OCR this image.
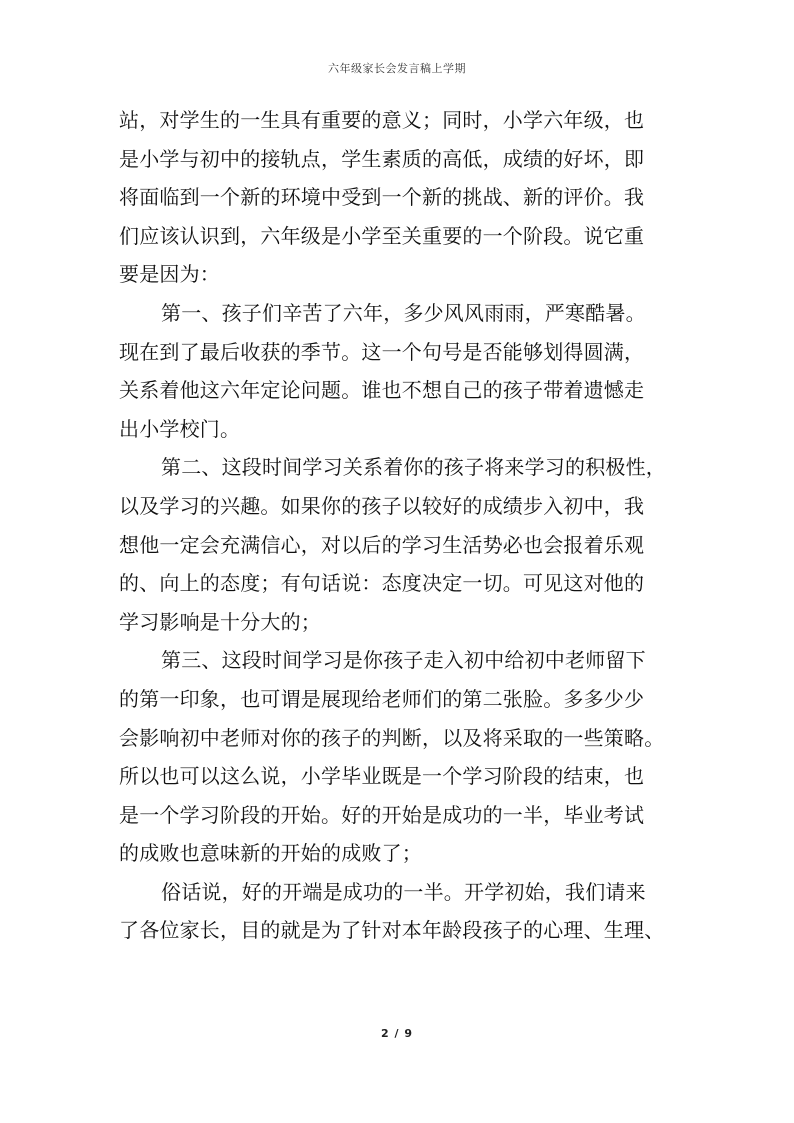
六年级家长会发言稿上学期
站，对学生的一生具有重要的意义；同时，小学六年级，也
是小学与初中的接轨点，学生素质的高低，成绩的好坏，即
将面临到一个新的环境中受到一个新的挑战、新的评价。我
们应该认识到，六年级是小学至关重要的一个阶段。说它重
要是因为：
第一、孩子们辛苦了六年，多少风风雨雨，严寒酷暑。
现在到了最后收获的季节。这一个句号是否能够划得圆满，
关系着他这六年定论问题。谁也不想自己的孩子带着遗憾走
出小学校门。
第二、这段时间学习关系着你的孩子将来学习的积极性，
以及学习的兴趣。如果你的孩子以较好的成绩步入初中，我
想他一定会充满信心，对以后的学习生活势必也会报着乐观
的、向上的态度；有句话说：态度决定一切。可见这对他的
学习影响是十分大的；
第三、这段时间学习是你孩子走入初中给初中老师留下
的第一印象，也可谓是展现给老师们的第二张脸。多多少少
会影响初中老师对你的孩子的判断，以及将采取的一些策略。
所以也可以这么说，小学毕业既是一个学习阶段的结束，也
是一个学习阶段的开始。好的开始是成功的一半，毕业考试
的成败也意味新的开始的成败了；
俗话说，好的开端是成功的一半。开学初始，我们请来
了各位家长，目的就是为了针对本年龄段孩子的心理、生理、
2 / 9
